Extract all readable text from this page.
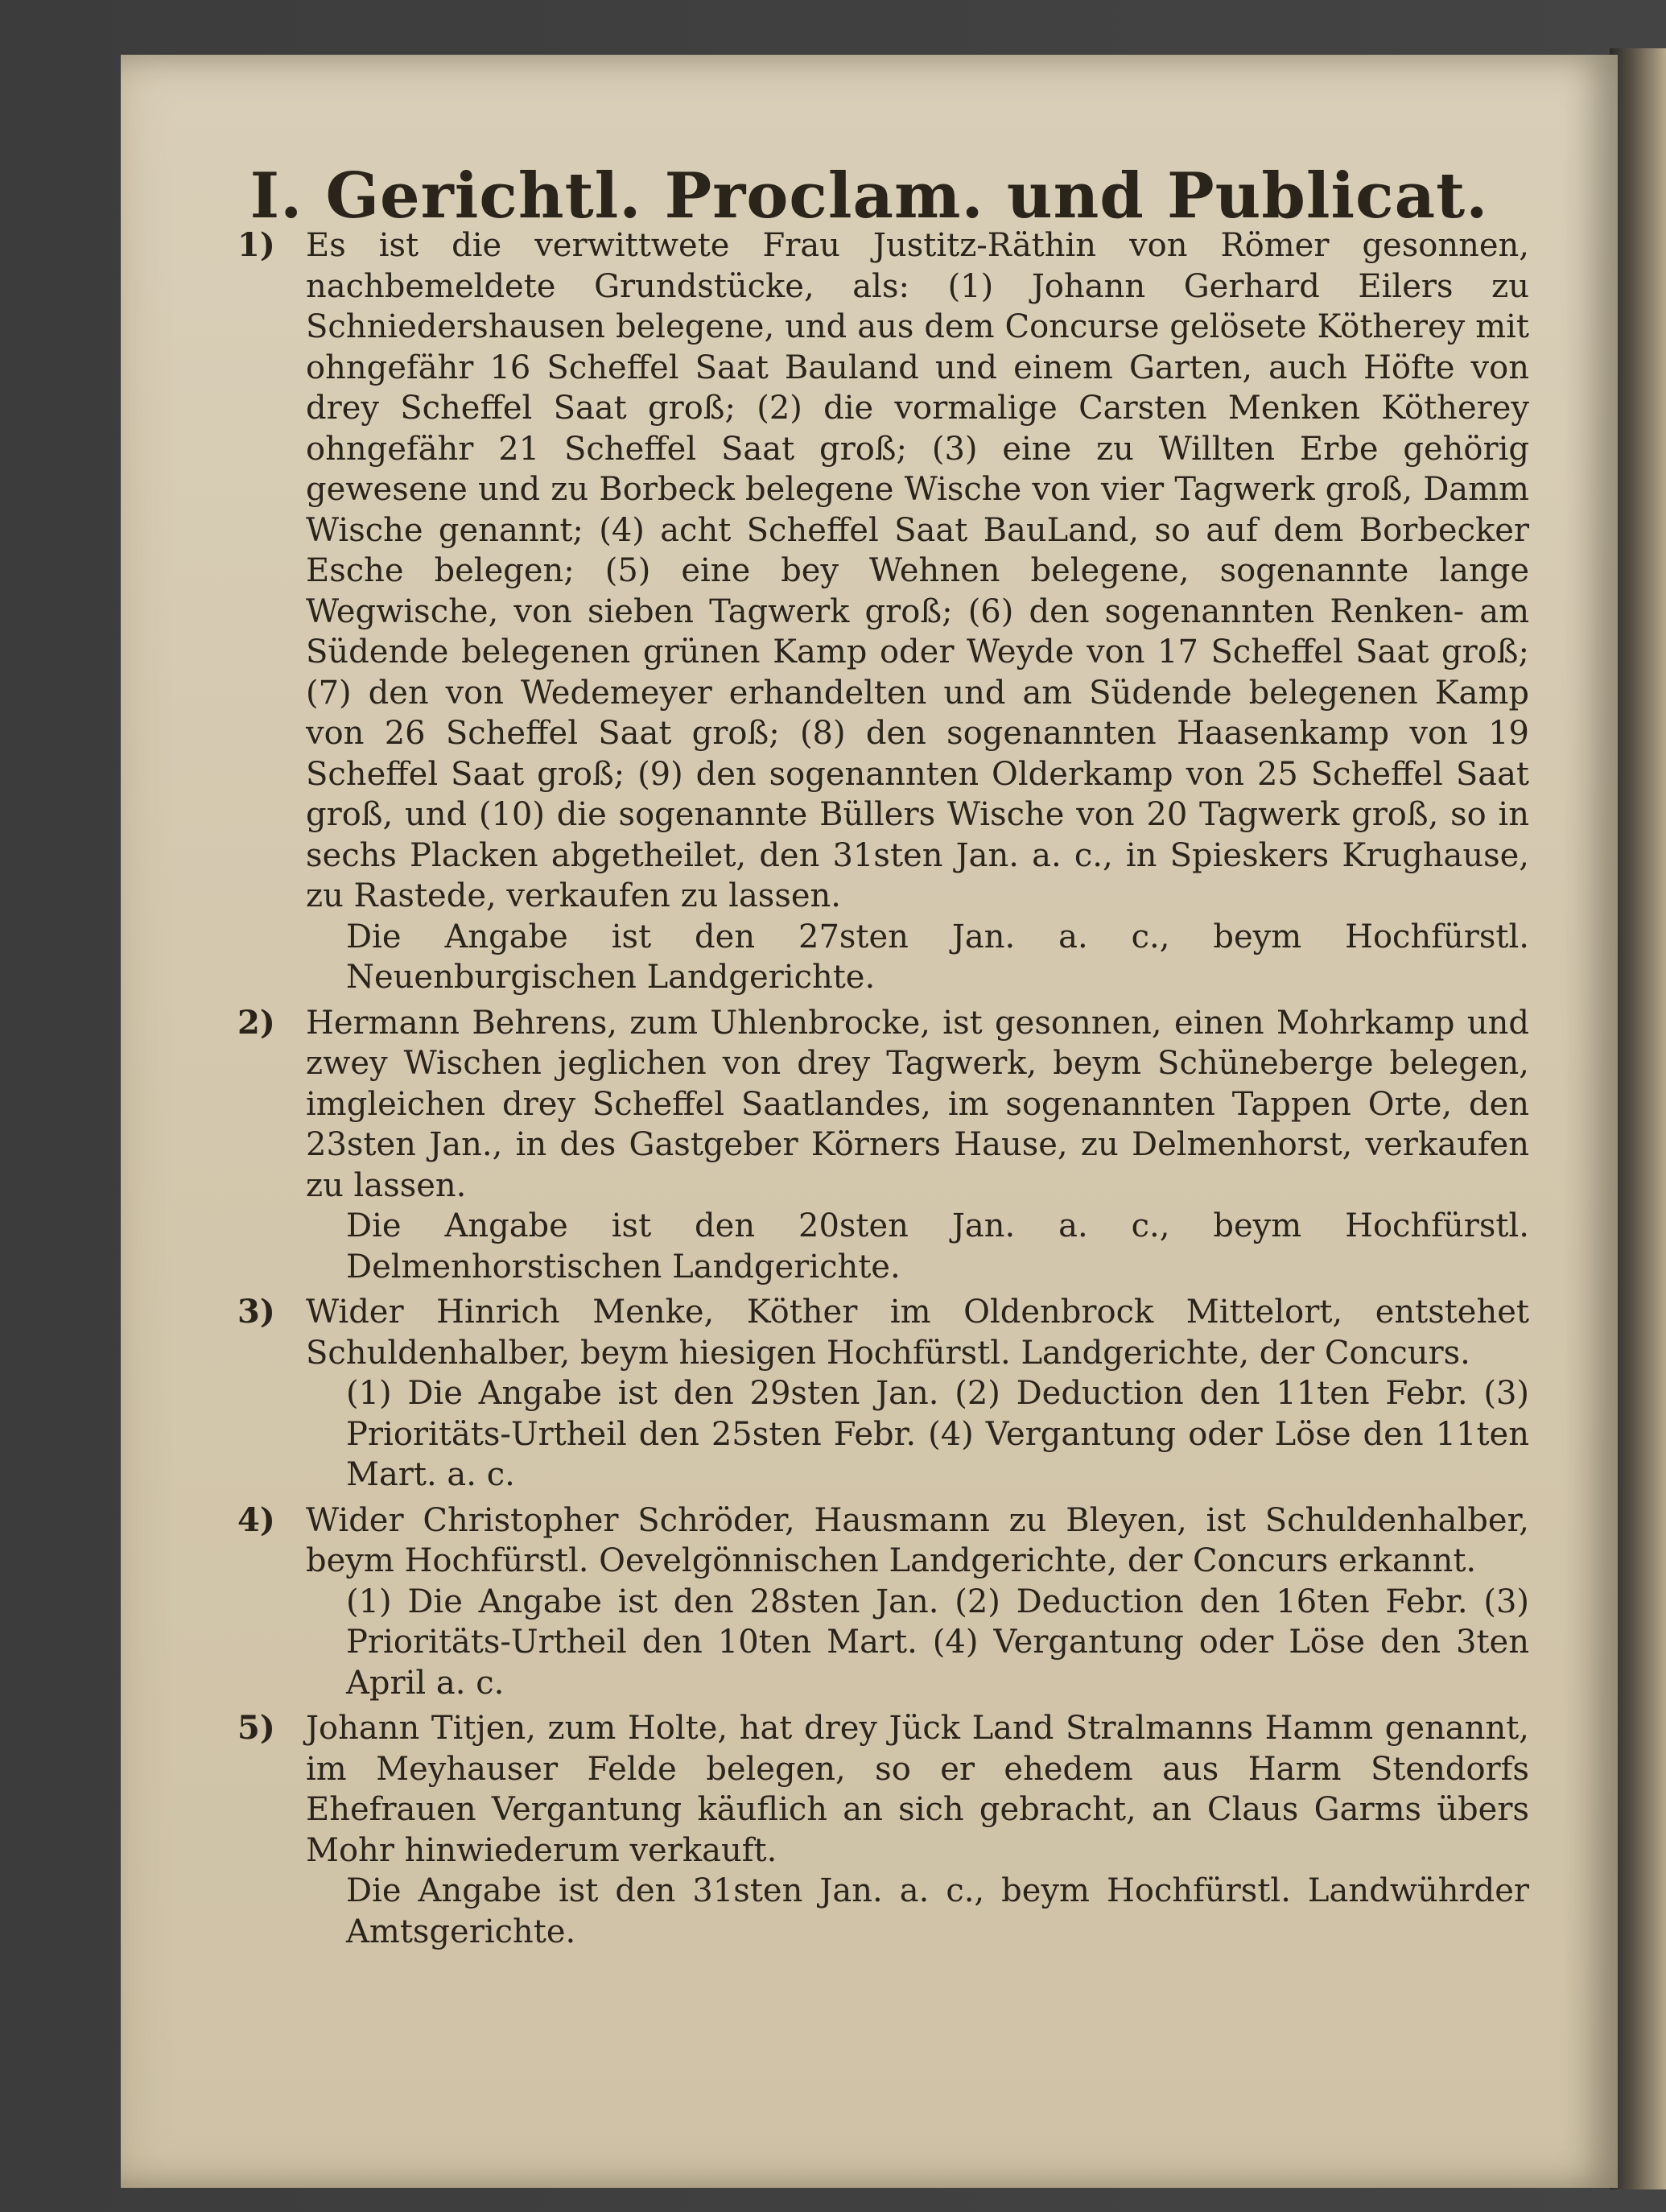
I. Gerichtl. Proclam. und Publicat.
1) Es ist die verwittwete Frau Justitz-Räthin von Römer gesonnen, nachbemeldete Grundstücke, als: (1) Johann Gerhard Eilers zu Schniedershausen belegene, und aus dem Concurse gelösete Kötherey mit ohngefähr 16 Scheffel Saat Bauland und einem Garten, auch Höfte von drey Scheffel Saat groß; (2) die vormalige Carsten Menken Kötherey ohngefähr 21 Scheffel Saat groß; (3) eine zu Willten Erbe gehörig gewesene und zu Borbeck belegene Wische von vier Tagwerk groß, Damm Wische genannt; (4) acht Scheffel Saat BauLand, so auf dem Borbecker Esche belegen; (5) eine bey Wehnen belegene, sogenannte lange Wegwische, von sieben Tagwerk groß; (6) den sogenannten Renken- am Südende belegenen grünen Kamp oder Weyde von 17 Scheffel Saat groß; (7) den von Wedemeyer erhandelten und am Südende belegenen Kamp von 26 Scheffel Saat groß; (8) den sogenannten Haasenkamp von 19 Scheffel Saat groß; (9) den sogenannten Olderkamp von 25 Scheffel Saat groß, und (10) die sogenannte Büllers Wische von 20 Tagwerk groß, so in sechs Placken abgetheilet, den 31sten Jan. a. c., in Spieskers Krughause, zu Rastede, verkaufen zu lassen.
Die Angabe ist den 27sten Jan. a. c., beym Hochfürstl. Neuenburgischen Landgerichte.
2) Hermann Behrens, zum Uhlenbrocke, ist gesonnen, einen Mohrkamp und zwey Wischen jeglichen von drey Tagwerk, beym Schüneberge belegen, imgleichen drey Scheffel Saatlandes, im sogenannten Tappen Orte, den 23sten Jan., in des Gastgeber Körners Hause, zu Delmenhorst, verkaufen zu lassen.
Die Angabe ist den 20sten Jan. a. c., beym Hochfürstl. Delmenhorstischen Landgerichte.
3) Wider Hinrich Menke, Köther im Oldenbrock Mittelort, entstehet Schuldenhalber, beym hiesigen Hochfürstl. Landgerichte, der Concurs.
(1) Die Angabe ist den 29sten Jan. (2) Deduction den 11ten Febr. (3) Prioritäts-Urtheil den 25sten Febr. (4) Vergantung oder Löse den 11ten Mart. a. c.
4) Wider Christopher Schröder, Hausmann zu Bleyen, ist Schuldenhalber, beym Hochfürstl. Oevelgönnischen Landgerichte, der Concurs erkannt.
(1) Die Angabe ist den 28sten Jan. (2) Deduction den 16ten Febr. (3) Prioritäts-Urtheil den 10ten Mart. (4) Vergantung oder Löse den 3ten April a. c.
5) Johann Titjen, zum Holte, hat drey Jück Land Stralmanns Hamm genannt, im Meyhauser Felde belegen, so er ehedem aus Harm Stendorfs Ehefrauen Vergantung käuflich an sich gebracht, an Claus Garms übers Mohr hinwiederum verkauft.
Die Angabe ist den 31sten Jan. a. c., beym Hochfürstl. Landwührder Amtsgerichte.
